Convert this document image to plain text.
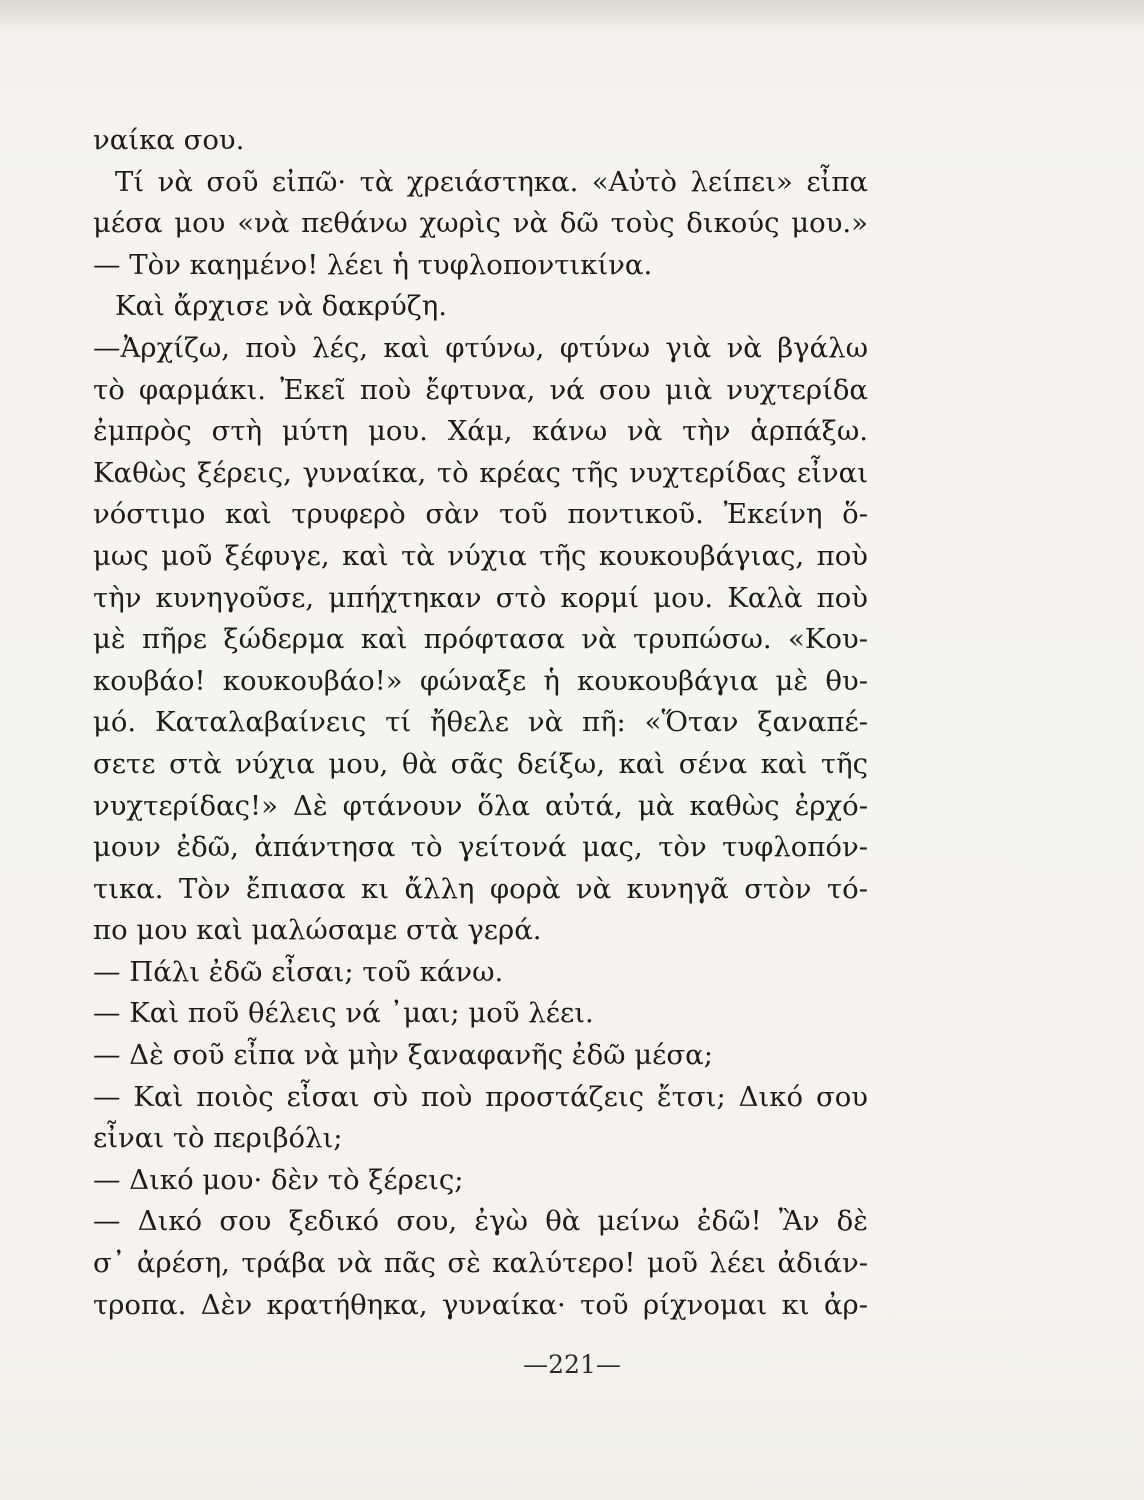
ναίκα σου.
Τί νὰ σοῦ εἰπῶ· τὰ χρειάστηκα. «Αὐτὸ λείπει» εἶπα
μέσα μου «νὰ πεθάνω χωρὶς νὰ δῶ τοὺς δικούς μου.»
— Τὸν καημένο! λέει ἡ τυφλοποντικίνα.
Καὶ ἄρχισε νὰ δακρύζη.
—Ἀρχίζω, ποὺ λές, καὶ φτύνω, φτύνω γιὰ νὰ βγάλω
τὸ φαρμάκι. Ἐκεῖ ποὺ ἔφτυνα, νά σου μιὰ νυχτερίδα
ἐμπρὸς στὴ μύτη μου. Χάμ, κάνω νὰ τὴν ἁρπάξω.
Καθὼς ξέρεις, γυναίκα, τὸ κρέας τῆς νυχτερίδας εἶναι
νόστιμο καὶ τρυφερὸ σὰν τοῦ ποντικοῦ. Ἐκείνη ὅ-
μως μοῦ ξέφυγε, καὶ τὰ νύχια τῆς κουκουβάγιας, ποὺ
τὴν κυνηγοῦσε, μπήχτηκαν στὸ κορμί μου. Καλὰ ποὺ
μὲ πῆρε ξώδερμα καὶ πρόφτασα νὰ τρυπώσω. «Κου-
κουβάο! κουκουβάο!» φώναξε ἡ κουκουβάγια μὲ θυ-
μό. Καταλαβαίνεις τί ἤθελε νὰ πῆ: «Ὅταν ξαναπέ-
σετε στὰ νύχια μου, θὰ σᾶς δείξω, καὶ σένα καὶ τῆς
νυχτερίδας!» Δὲ φτάνουν ὅλα αὐτά, μὰ καθὼς ἐρχό-
μουν ἐδῶ, ἀπάντησα τὸ γείτονά μας, τὸν τυφλοπόν-
τικα. Τὸν ἔπιασα κι ἄλλη φορὰ νὰ κυνηγᾶ στὸν τό-
πο μου καὶ μαλώσαμε στὰ γερά.
— Πάλι ἐδῶ εἶσαι; τοῦ κάνω.
— Καὶ ποῦ θέλεις νά ᾿μαι; μοῦ λέει.
— Δὲ σοῦ εἶπα νὰ μὴν ξαναφανῆς ἐδῶ μέσα;
— Καὶ ποιὸς εἶσαι σὺ ποὺ προστάζεις ἔτσι; Δικό σου
εἶναι τὸ περιβόλι;
— Δικό μου· δὲν τὸ ξέρεις;
— Δικό σου ξεδικό σου, ἐγὼ θὰ μείνω ἐδῶ! Ἂν δὲ
σ᾿ ἀρέση, τράβα νὰ πᾶς σὲ καλύτερο! μοῦ λέει ἀδιάν-
τροπα. Δὲν κρατήθηκα, γυναίκα· τοῦ ρίχνομαι κι ἀρ-
—221—
